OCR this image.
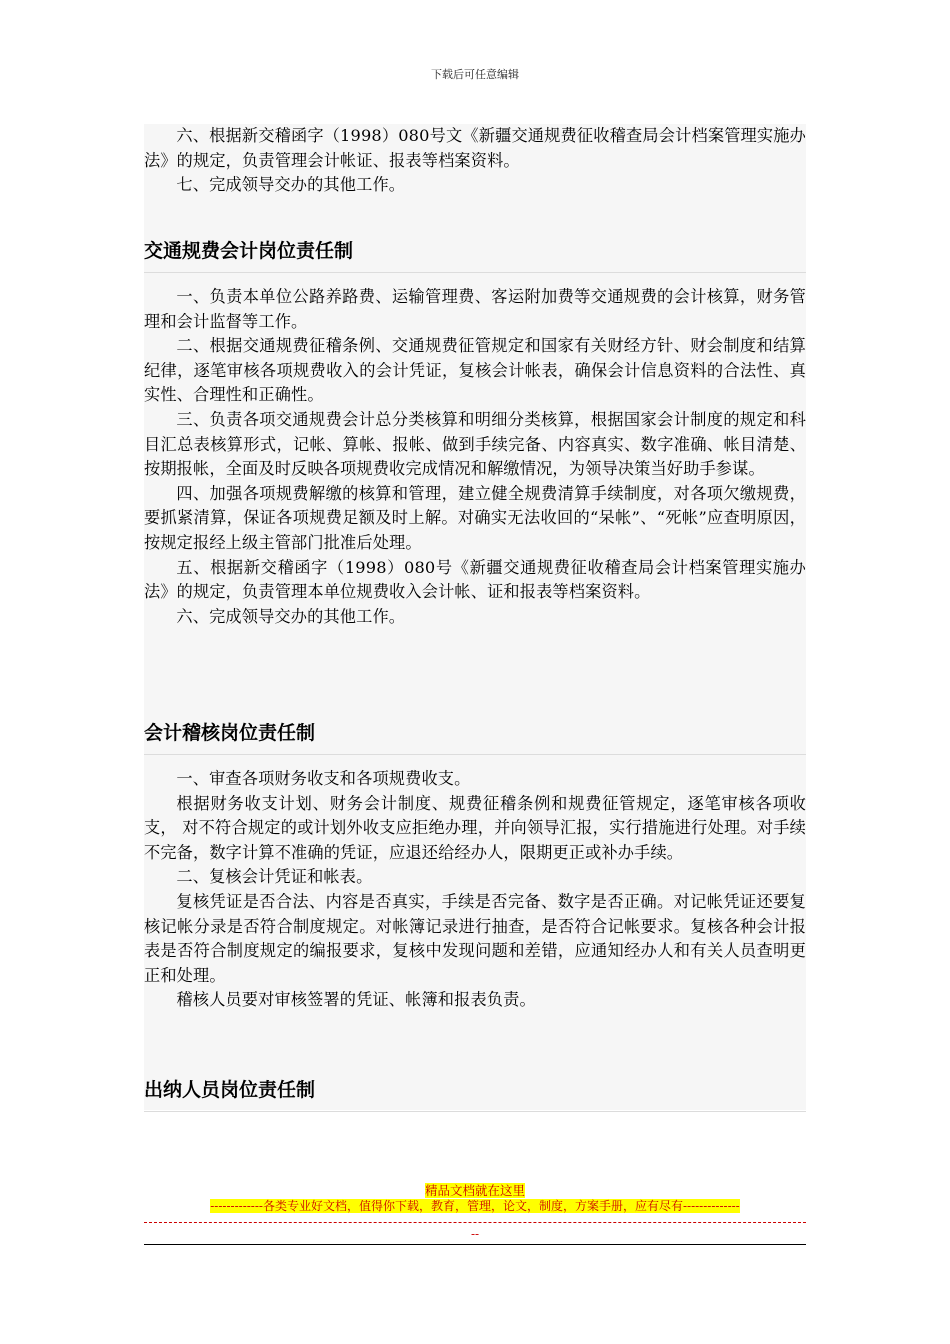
下载后可任意编辑

六、根据新交稽函字（1998）080号文《新疆交通规费征收稽查局会计档案管理实施办法》的规定，负责管理会计帐证、报表等档案资料。

七、完成领导交办的其他工作。

交通规费会计岗位责任制

一、负责本单位公路养路费、运输管理费、客运附加费等交通规费的会计核算，财务管理和会计监督等工作。

二、根据交通规费征稽条例、交通规费征管规定和国家有关财经方针、财会制度和结算纪律，逐笔审核各项规费收入的会计凭证，复核会计帐表，确保会计信息资料的合法性、真实性、合理性和正确性。

三、负责各项交通规费会计总分类核算和明细分类核算，根据国家会计制度的规定和科目汇总表核算形式，记帐、算帐、报帐、做到手续完备、内容真实、数字准确、帐目清楚、按期报帐，全面及时反映各项规费收完成情况和解缴情况，为领导决策当好助手参谋。

四、加强各项规费解缴的核算和管理，建立健全规费清算手续制度，对各项欠缴规费，要抓紧清算，保证各项规费足额及时上解。对确实无法收回的“呆帐”、“死帐”应查明原因，按规定报经上级主管部门批准后处理。

五、根据新交稽函字（1998）080号《新疆交通规费征收稽查局会计档案管理实施办法》的规定，负责管理本单位规费收入会计帐、证和报表等档案资料。

六、完成领导交办的其他工作。

会计稽核岗位责任制

一、审查各项财务收支和各项规费收支。

根据财务收支计划、财务会计制度、规费征稽条例和规费征管规定，逐笔审核各项收支， 对不符合规定的或计划外收支应拒绝办理，并向领导汇报，实行措施进行处理。对手续不完备，数字计算不准确的凭证，应退还给经办人，限期更正或补办手续。

二、复核会计凭证和帐表。

复核凭证是否合法、内容是否真实，手续是否完备、数字是否正确。对记帐凭证还要复核记帐分录是否符合制度规定。对帐簿记录进行抽查，是否符合记帐要求。复核各种会计报表是否符合制度规定的编报要求，复核中发现问题和差错，应通知经办人和有关人员查明更正和处理。

稽核人员要对审核签署的凭证、帐簿和报表负责。

出纳人员岗位责任制
精品文档就在这里
-------------各类专业好文档，值得你下载，教育，管理，论文，制度，方案手册，应有尽有--------------
--
